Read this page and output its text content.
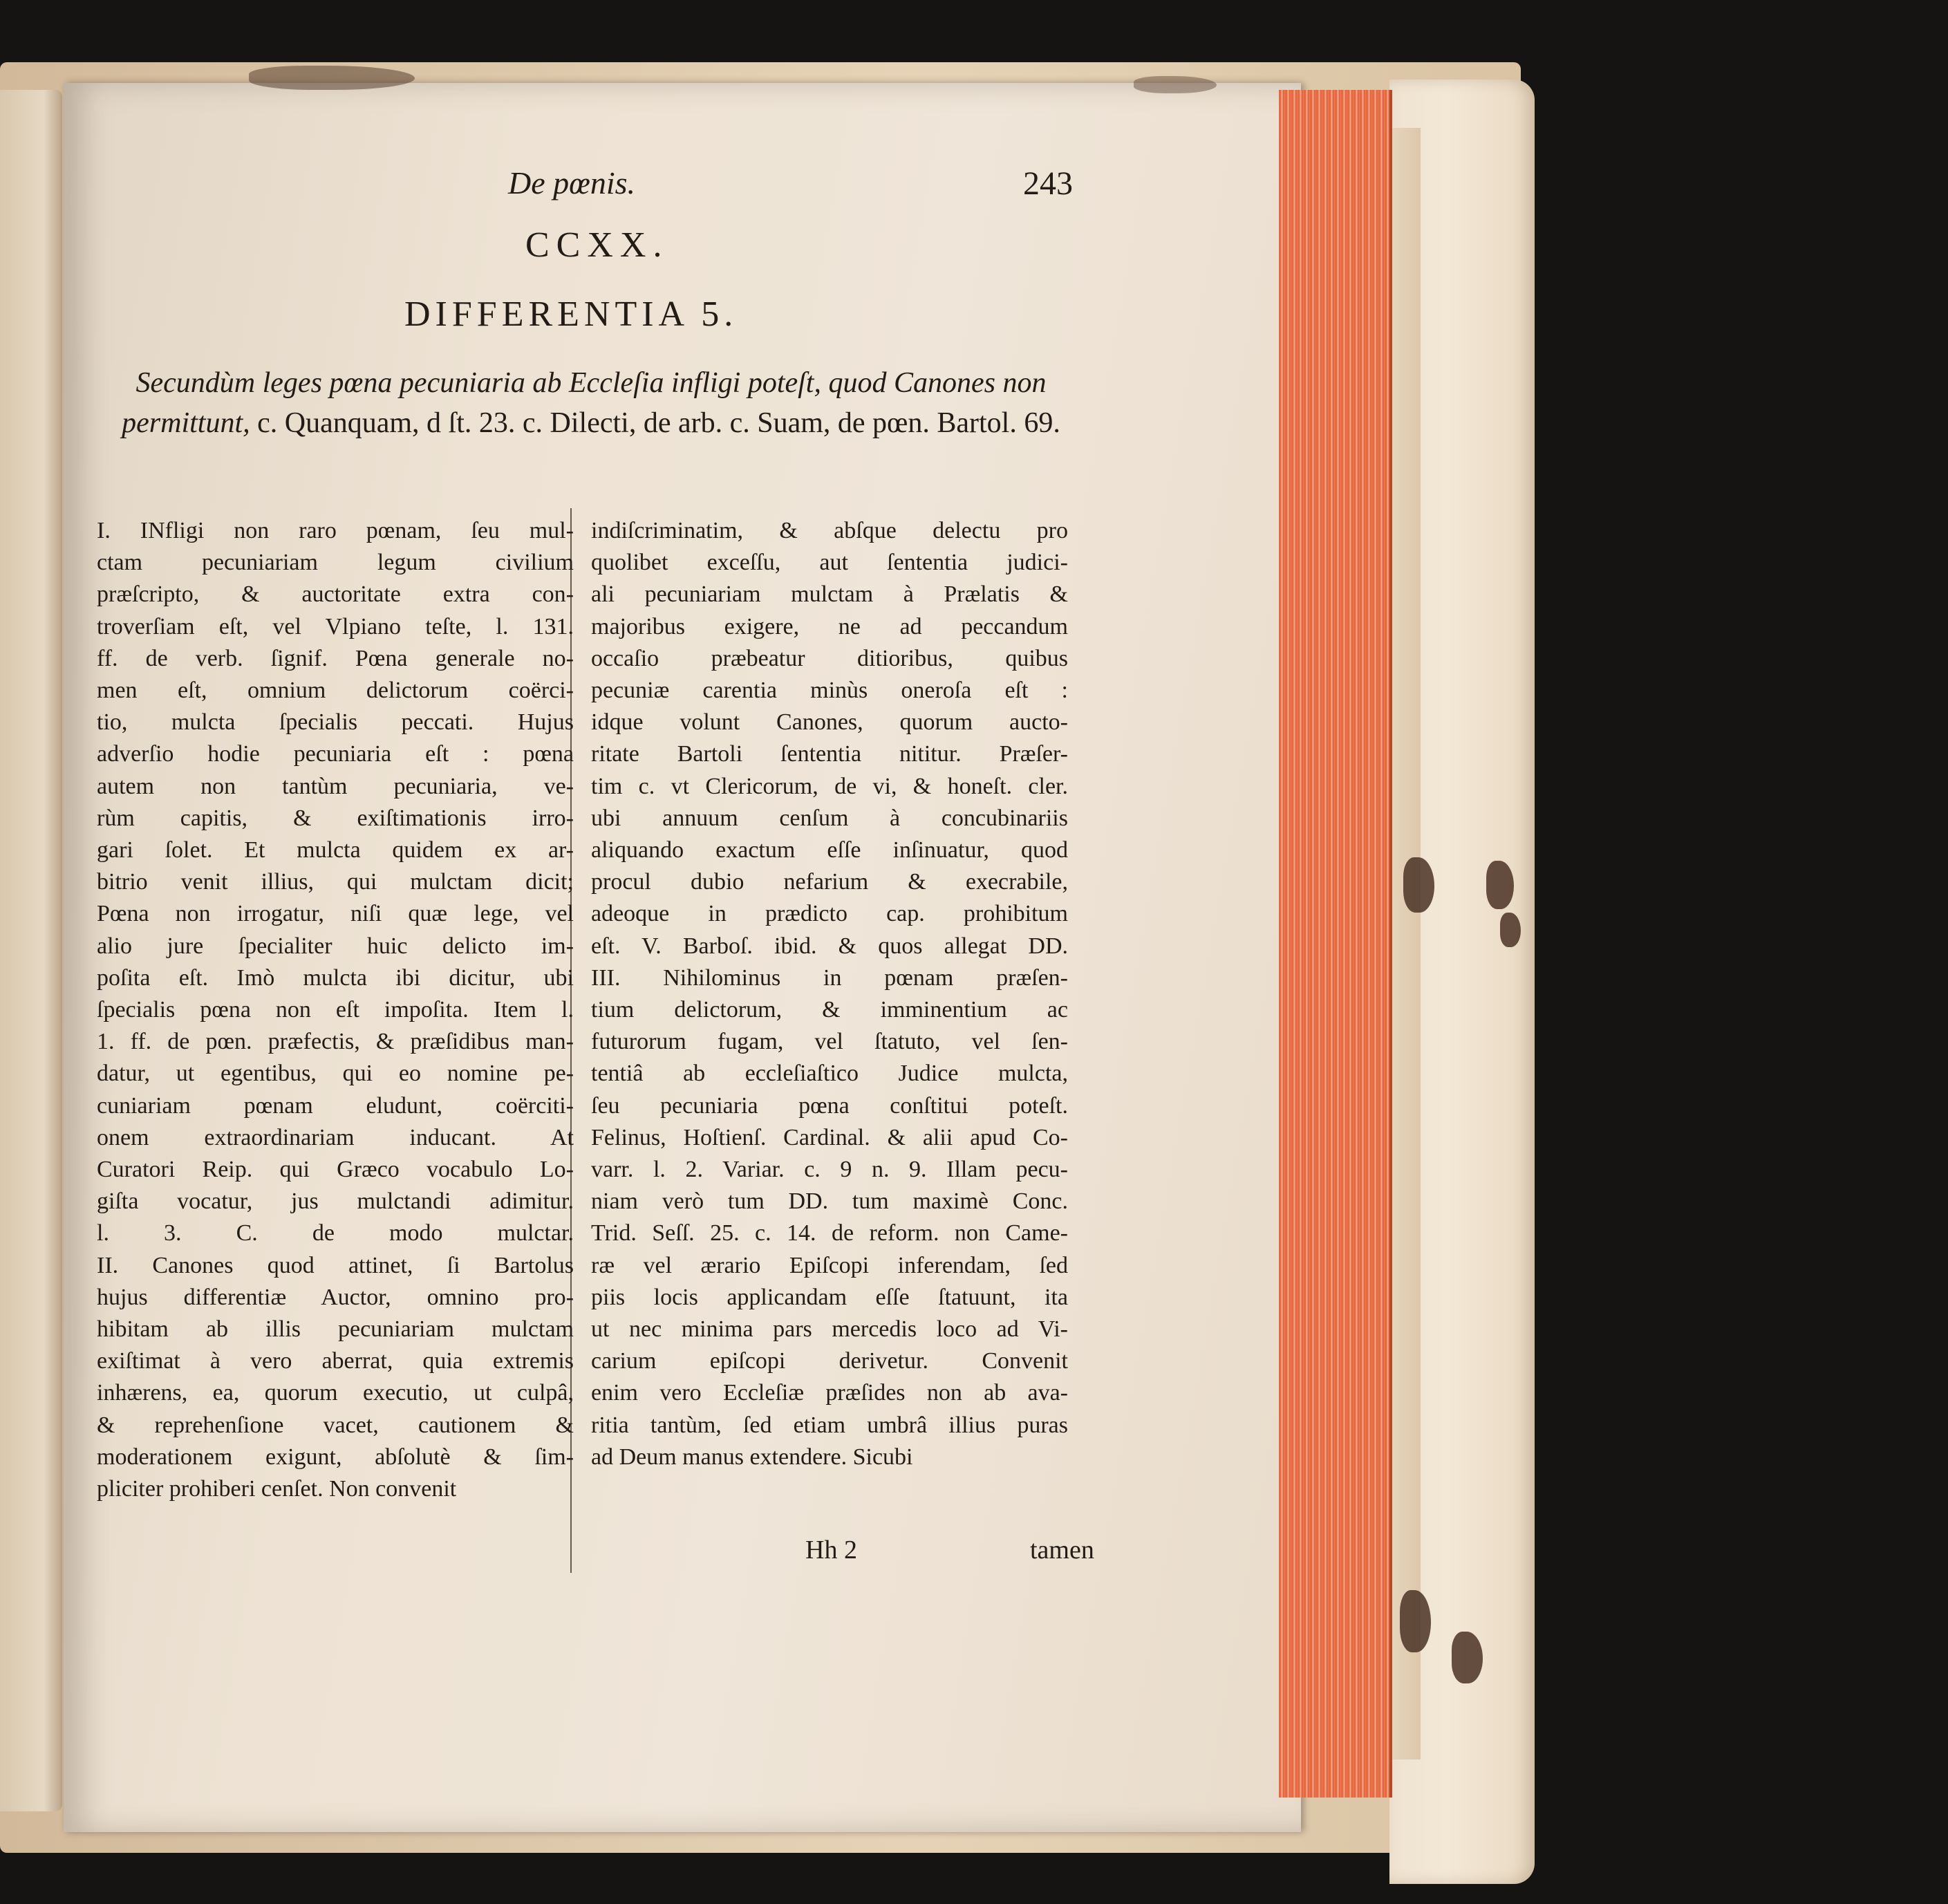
De pœnis.	243
CCXX.
DIFFERENTIA 5.
Secundùm leges pœna pecuniaria ab Eccleſia infligi poteſt, quod Canones non permittunt, c. Quanquam, d ſt. 23. c. Dilecti, de arb. c. Suam, de pœn. Bartol. 69.
I. INfligi non raro pœnam, ſeu mul-
ctam pecuniariam legum civilium
præſcripto, & auctoritate extra con-
troverſiam eſt, vel Vlpiano teſte, l. 131.
ff. de verb. ſignif. Pœna generale no-
men eſt, omnium delictorum coërci-
tio, mulcta ſpecialis peccati. Hujus
adverſio hodie pecuniaria eſt : pœna
autem non tantùm pecuniaria, ve-
rùm capitis, & exiſtimationis irro-
gari ſolet. Et mulcta quidem ex ar-
bitrio venit illius, qui mulctam dicit;
Pœna non irrogatur, niſi quæ lege, vel
alio jure ſpecialiter huic delicto im-
poſita eſt. Imò mulcta ibi dicitur, ubi
ſpecialis pœna non eſt impoſita. Item l.
1. ff. de pœn. præfectis, & præſidibus man-
datur, ut egentibus, qui eo nomine pe-
cuniariam pœnam eludunt, coërciti-
onem extraordinariam inducant. At
Curatori Reip. qui Græco vocabulo Lo-
giſta vocatur, jus mulctandi adimitur.
l. 3. C. de modo mulctar.
II. Canones quod attinet, ſi Bartolus
hujus differentiæ Auctor, omnino pro-
hibitam ab illis pecuniariam mulctam
exiſtimat à vero aberrat, quia extremis
inhærens, ea, quorum executio, ut culpâ,
& reprehenſione vacet, cautionem &
moderationem exigunt, abſolutè & ſim-
pliciter prohiberi cenſet. Non convenit
indiſcriminatim, & abſque delectu pro
quolibet exceſſu, aut ſententia judici-
ali pecuniariam mulctam à Prælatis &
majoribus exigere, ne ad peccandum
occaſio præbeatur ditioribus, quibus
pecuniæ carentia minùs oneroſa eſt :
idque volunt Canones, quorum aucto-
ritate Bartoli ſententia nititur. Præſer-
tim c. vt Clericorum, de vi, & honeſt. cler.
ubi annuum cenſum à concubinariis
aliquando exactum eſſe inſinuatur, quod
procul dubio nefarium & execrabile,
adeoque in prædicto cap. prohibitum
eſt. V. Barboſ. ibid. & quos allegat DD.
III. Nihilominus in pœnam præſen-
tium delictorum, & imminentium ac
futurorum fugam, vel ſtatuto, vel ſen-
tentiâ ab eccleſiaſtico Judice mulcta,
ſeu pecuniaria pœna conſtitui poteſt.
Felinus, Hoſtienſ. Cardinal. & alii apud Co-
varr. l. 2. Variar. c. 9 n. 9. Illam pecu-
niam verò tum DD. tum maximè Conc.
Trid. Seſſ. 25. c. 14. de reform. non Came-
ræ vel ærario Epiſcopi inferendam, ſed
piis locis applicandam eſſe ſtatuunt, ita
ut nec minima pars mercedis loco ad Vi-
carium epiſcopi derivetur. Convenit
enim vero Eccleſiæ præſides non ab ava-
ritia tantùm, ſed etiam umbrâ illius puras
ad Deum manus extendere. Sicubi
Hh 2	tamen
